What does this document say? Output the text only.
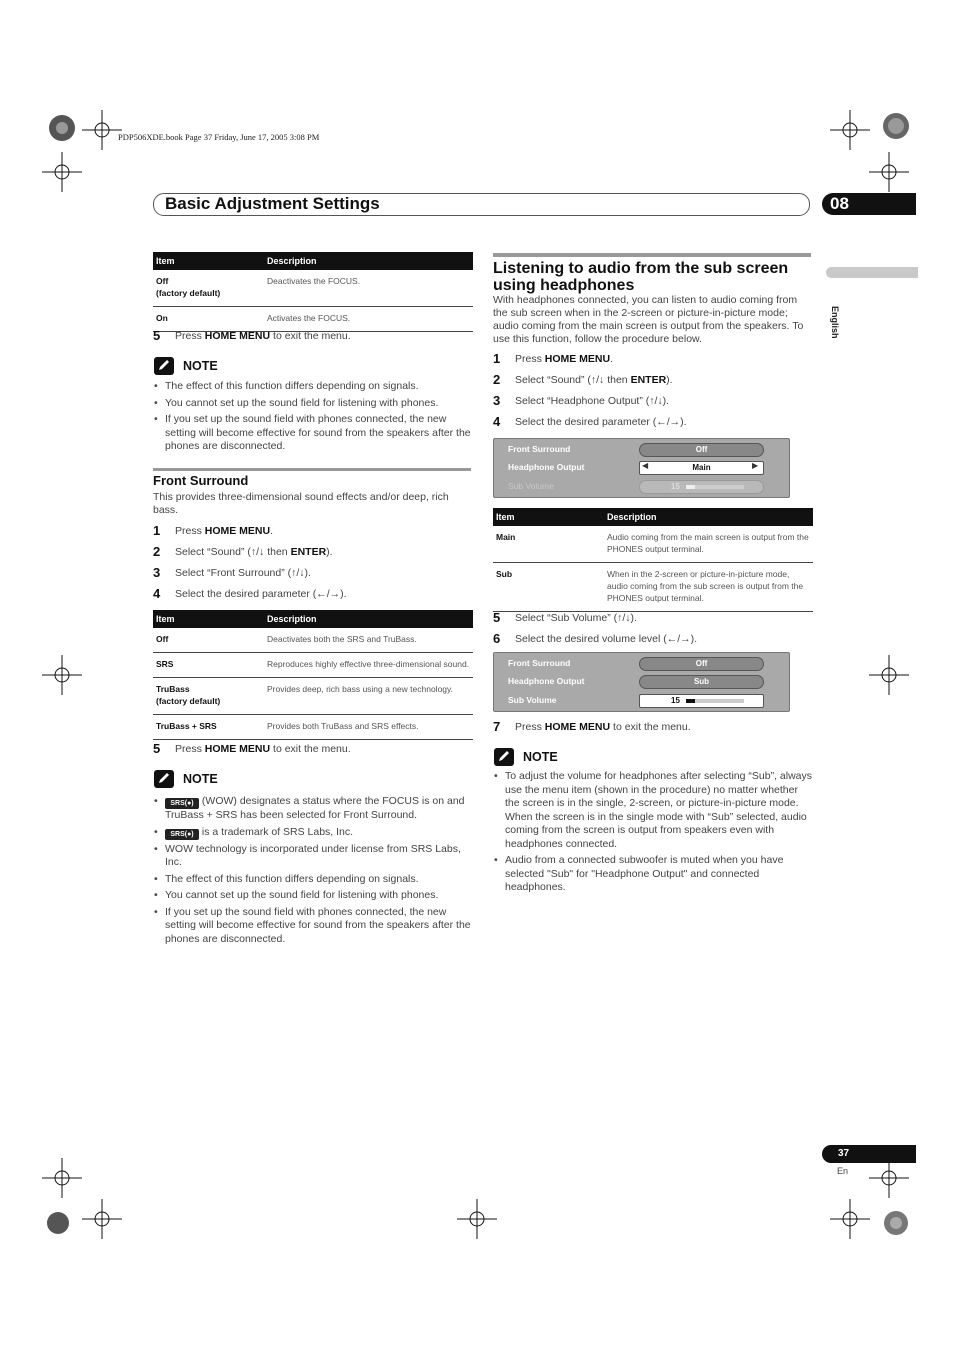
PDP506XDE.book Page 37 Friday, June 17, 2005 3:08 PM
Basic Adjustment Settings	08
English
Item	Description
Off
(factory default)	Deactivates the FOCUS.
On	Activates the FOCUS.
5 Press HOME MENU to exit the menu.
NOTE
• The effect of this function differs depending on signals.
• You cannot set up the sound field for listening with phones.
• If you set up the sound field with phones connected, the new setting will become effective for sound from the speakers after the phones are disconnected.
Front Surround
This provides three-dimensional sound effects and/or deep, rich bass.
1 Press HOME MENU.
2 Select “Sound” (↑/↓ then ENTER).
3 Select “Front Surround” (↑/↓).
4 Select the desired parameter (←/→).
Item	Description
Off	Deactivates both the SRS and TruBass.
SRS	Reproduces highly effective three-dimensional sound.
TruBass
(factory default)	Provides deep, rich bass using a new technology.
TruBass + SRS	Provides both TruBass and SRS effects.
5 Press HOME MENU to exit the menu.
NOTE
• SRS(●) (WOW) designates a status where the FOCUS is on and TruBass + SRS has been selected for Front Surround.
• SRS(●) is a trademark of SRS Labs, Inc.
• WOW technology is incorporated under license from SRS Labs, Inc.
• The effect of this function differs depending on signals.
• You cannot set up the sound field for listening with phones.
• If you set up the sound field with phones connected, the new setting will become effective for sound from the speakers after the phones are disconnected.
Listening to audio from the sub screen using headphones
With headphones connected, you can listen to audio coming from the sub screen when in the 2-screen or picture-in-picture mode; audio coming from the main screen is output from the speakers. To use this function, follow the procedure below.
1 Press HOME MENU.
2 Select “Sound” (↑/↓ then ENTER).
3 Select “Headphone Output” (↑/↓).
4 Select the desired parameter (←/→).
Front Surround	Off
Headphone Output	Main
◀	▶
Sub Volume	15
Item	Description
Main	Audio coming from the main screen is output from the PHONES output terminal.
Sub	When in the 2-screen or picture-in-picture mode, audio coming from the sub screen is output from the PHONES output terminal.
5 Select “Sub Volume” (↑/↓).
6 Select the desired volume level (←/→).
Front Surround	Off
Headphone Output	Sub
Sub Volume	15
7 Press HOME MENU to exit the menu.
NOTE
• To adjust the volume for headphones after selecting “Sub”, always use the menu item (shown in the procedure) no matter whether the screen is in the single, 2-screen, or picture-in-picture mode. When the screen is in the single mode with “Sub” selected, audio coming from the screen is output from speakers even with headphones connected.
• Audio from a connected subwoofer is muted when you have selected "Sub" for "Headphone Output" and connected headphones.
37
En
